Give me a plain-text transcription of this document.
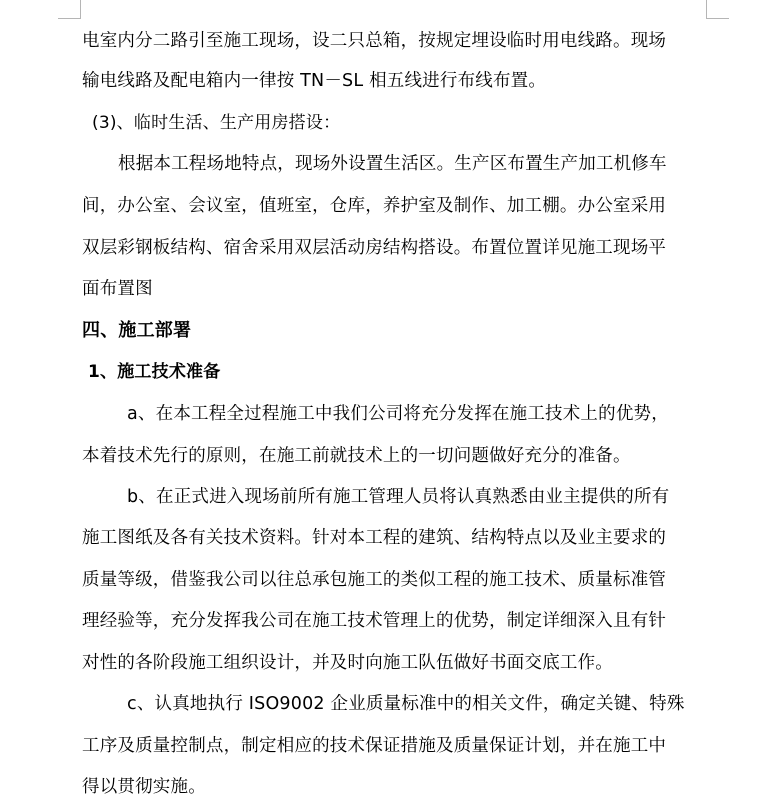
电室内分二路引至施工现场，设二只总箱，按规定埋设临时用电线路。现场
输电线路及配电箱内一律按 TN－SL 相五线进行布线布置。
(3)、临时生活、生产用房搭设：
根据本工程场地特点，现场外设置生活区。生产区布置生产加工机修车
间，办公室、会议室，值班室，仓库，养护室及制作、加工棚。办公室采用
双层彩钢板结构、宿舍采用双层活动房结构搭设。布置位置详见施工现场平
面布置图
四、施工部署
1、施工技术准备
a、在本工程全过程施工中我们公司将充分发挥在施工技术上的优势，
本着技术先行的原则，在施工前就技术上的一切问题做好充分的准备。
b、在正式进入现场前所有施工管理人员将认真熟悉由业主提供的所有
施工图纸及各有关技术资料。针对本工程的建筑、结构特点以及业主要求的
质量等级，借鉴我公司以往总承包施工的类似工程的施工技术、质量标准管
理经验等，充分发挥我公司在施工技术管理上的优势，制定详细深入且有针
对性的各阶段施工组织设计，并及时向施工队伍做好书面交底工作。
c、认真地执行 ISO9002 企业质量标准中的相关文件，确定关键、特殊
工序及质量控制点，制定相应的技术保证措施及质量保证计划，并在施工中
得以贯彻实施。
